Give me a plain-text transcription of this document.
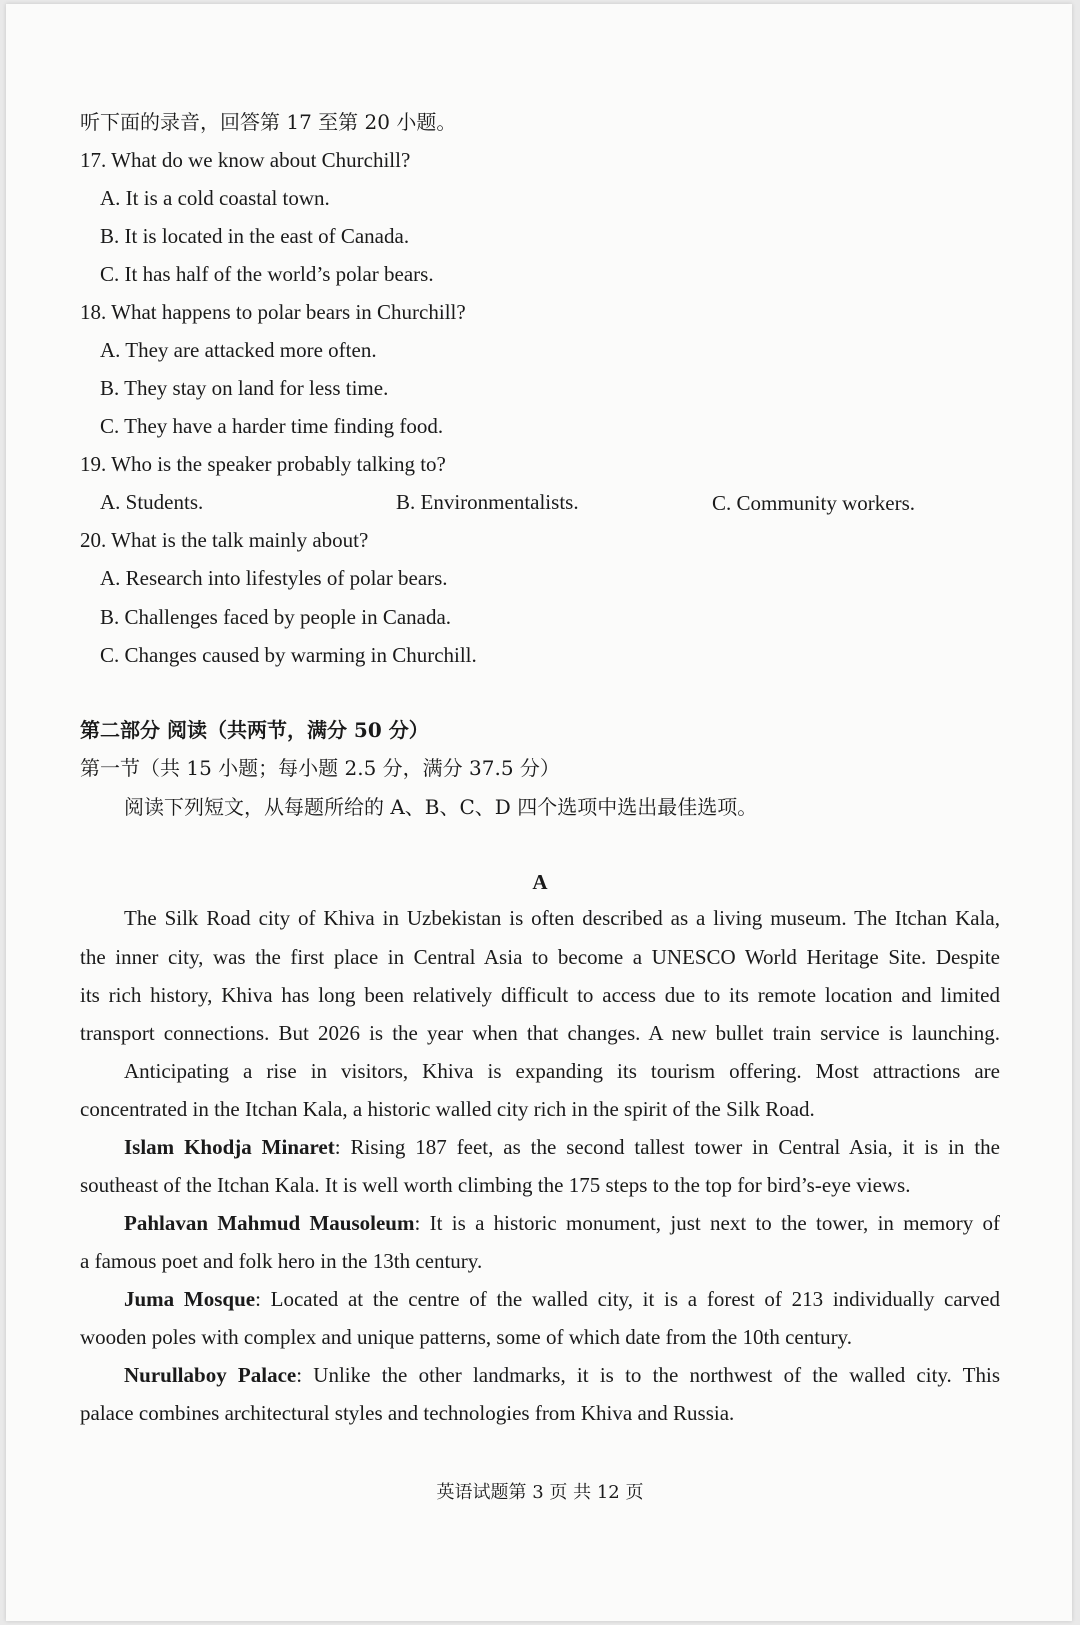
听下面的录音，回答第 17 至第 20 小题。
17. What do we know about Churchill?
A. It is a cold coastal town.
B. It is located in the east of Canada.
C. It has half of the world’s polar bears.
18. What happens to polar bears in Churchill?
A. They are attacked more often.
B. They stay on land for less time.
C. They have a harder time finding food.
19. Who is the speaker probably talking to?
A. Students.	B. Environmentalists.	C. Community workers.
20. What is the talk mainly about?
A. Research into lifestyles of polar bears.
B. Challenges faced by people in Canada.
C. Changes caused by warming in Churchill.
第二部分 阅读（共两节，满分 50 分）
第一节（共 15 小题；每小题 2.5 分，满分 37.5 分）
阅读下列短文，从每题所给的 A、B、C、D 四个选项中选出最佳选项。
A
The Silk Road city of Khiva in Uzbekistan is often described as a living museum. The Itchan Kala,
the inner city, was the first place in Central Asia to become a UNESCO World Heritage Site. Despite
its rich history, Khiva has long been relatively difficult to access due to its remote location and limited
transport connections. But 2026 is the year when that changes. A new bullet train service is launching.
Anticipating a rise in visitors, Khiva is expanding its tourism offering. Most attractions are
concentrated in the Itchan Kala, a historic walled city rich in the spirit of the Silk Road.
Islam Khodja Minaret: Rising 187 feet, as the second tallest tower in Central Asia, it is in the
southeast of the Itchan Kala. It is well worth climbing the 175 steps to the top for bird’s-eye views.
Pahlavan Mahmud Mausoleum: It is a historic monument, just next to the tower, in memory of
a famous poet and folk hero in the 13th century.
Juma Mosque: Located at the centre of the walled city, it is a forest of 213 individually carved
wooden poles with complex and unique patterns, some of which date from the 10th century.
Nurullaboy Palace: Unlike the other landmarks, it is to the northwest of the walled city. This
palace combines architectural styles and technologies from Khiva and Russia.
英语试题第 3 页 共 12 页
